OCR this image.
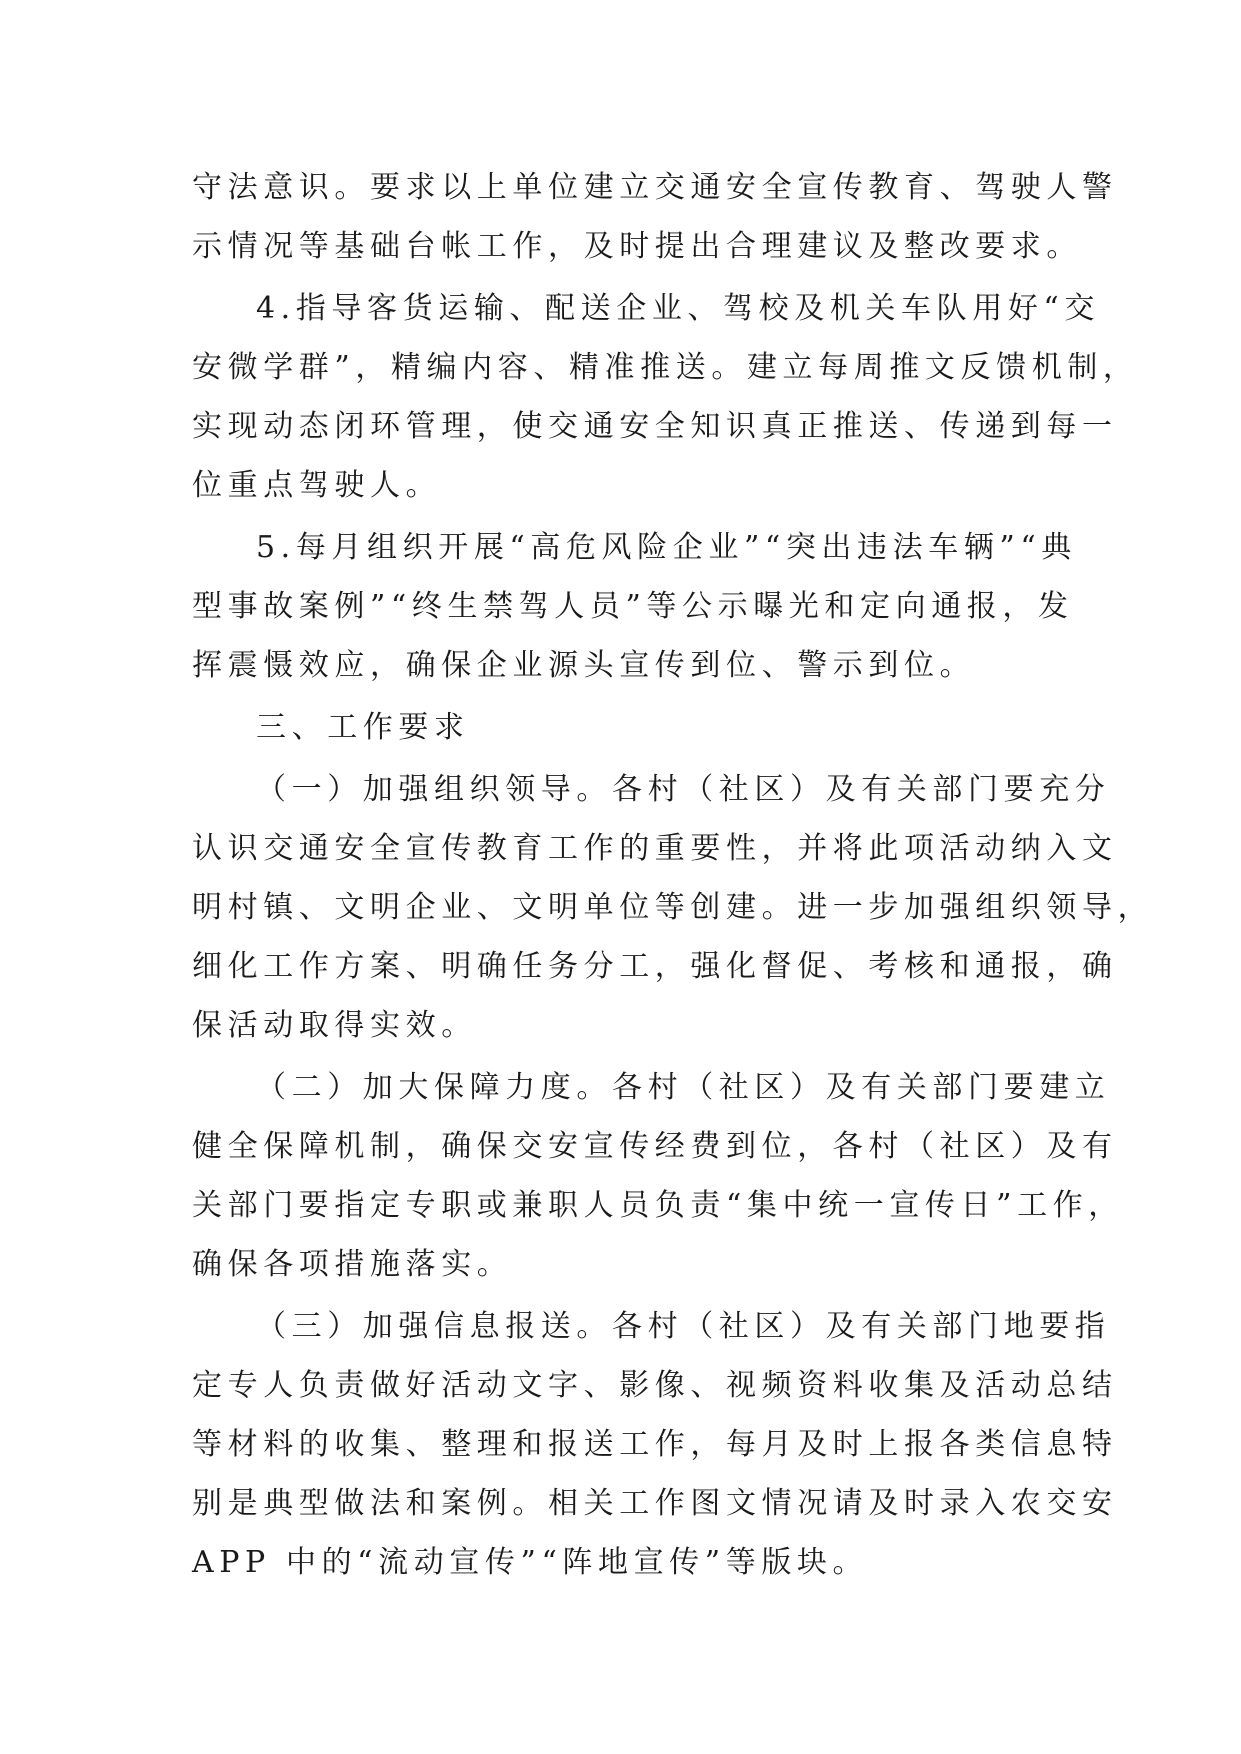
守法意识。要求以上单位建立交通安全宣传教育、驾驶人警
示情况等基础台帐工作，及时提出合理建议及整改要求。
4.指导客货运输、配送企业、驾校及机关车队用好“交
安微学群”，精编内容、精准推送。建立每周推文反馈机制，
实现动态闭环管理，使交通安全知识真正推送、传递到每一
位重点驾驶人。
5.每月组织开展“高危风险企业”“突出违法车辆”“典
型事故案例”“终生禁驾人员”等公示曝光和定向通报，发
挥震慑效应，确保企业源头宣传到位、警示到位。
三、工作要求
（一）加强组织领导。各村（社区）及有关部门要充分
认识交通安全宣传教育工作的重要性，并将此项活动纳入文
明村镇、文明企业、文明单位等创建。进一步加强组织领导，
细化工作方案、明确任务分工，强化督促、考核和通报，确
保活动取得实效。
（二）加大保障力度。各村（社区）及有关部门要建立
健全保障机制，确保交安宣传经费到位，各村（社区）及有
关部门要指定专职或兼职人员负责“集中统一宣传日”工作，
确保各项措施落实。
（三）加强信息报送。各村（社区）及有关部门地要指
定专人负责做好活动文字、影像、视频资料收集及活动总结
等材料的收集、整理和报送工作，每月及时上报各类信息特
别是典型做法和案例。相关工作图文情况请及时录入农交安
APP 中的“流动宣传”“阵地宣传”等版块。
